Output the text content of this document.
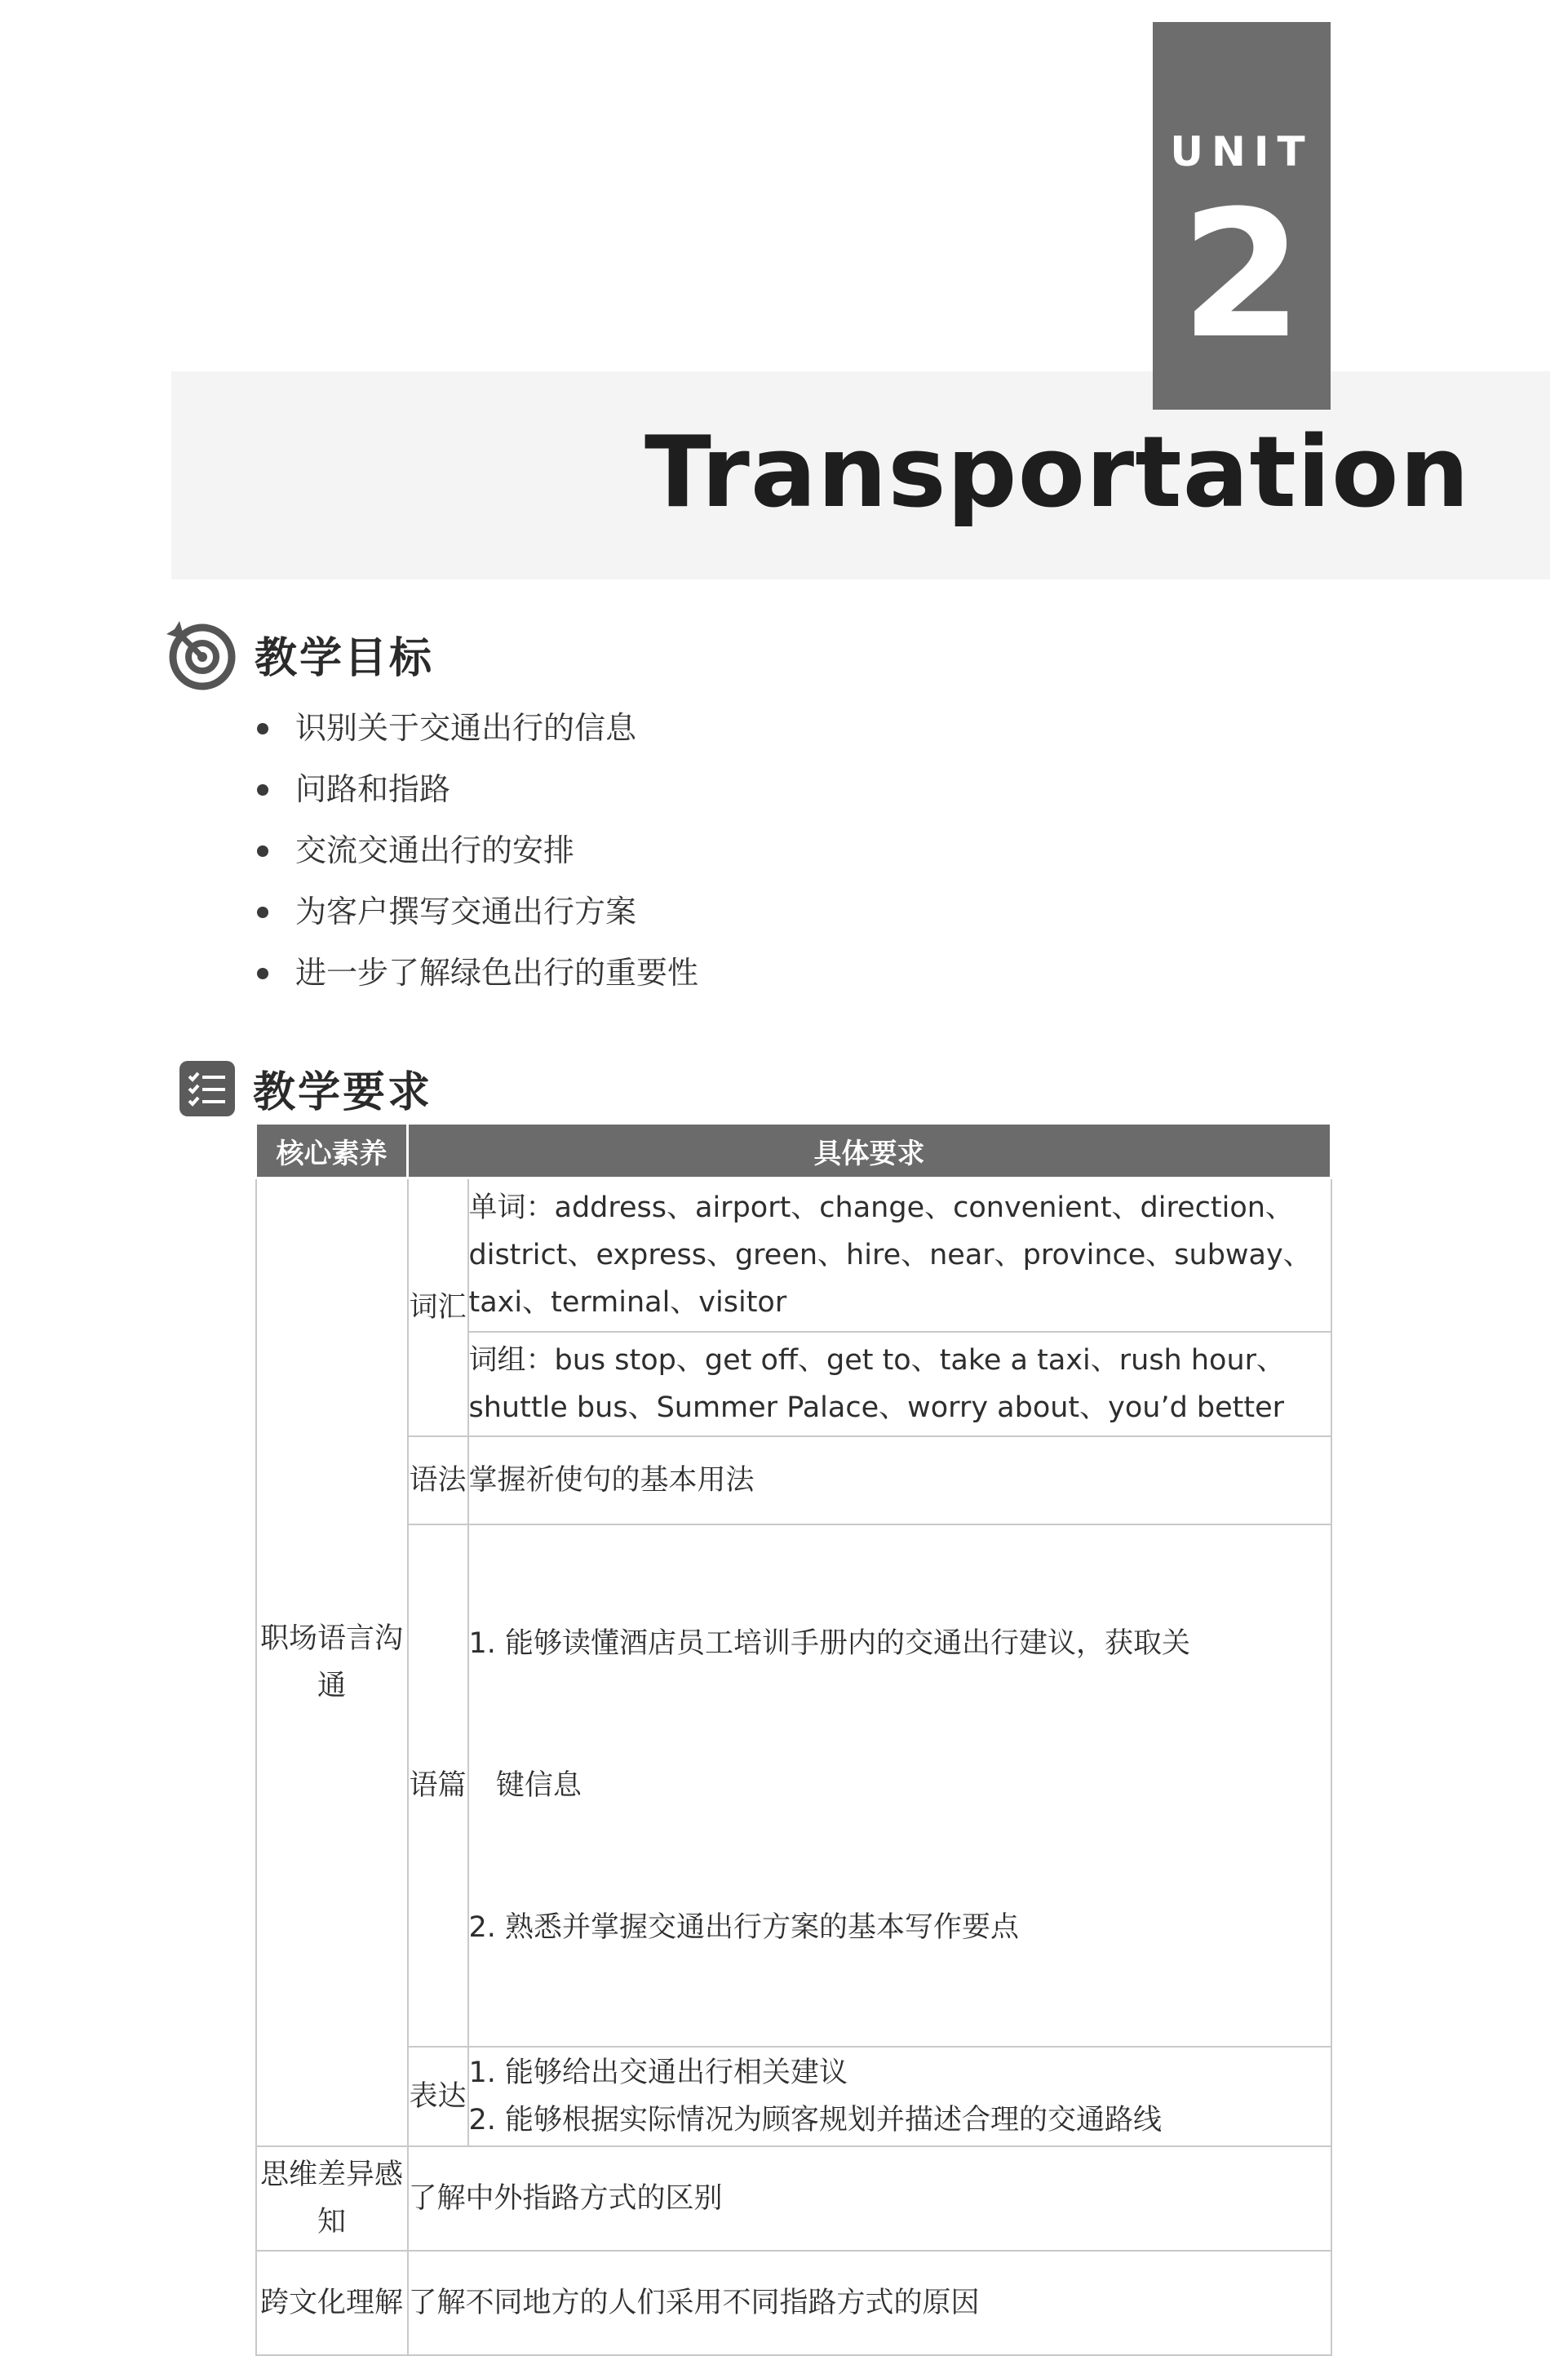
UNIT
2
Transportation
教学目标
识别关于交通出行的信息
问路和指路
交流交通出行的安排
为客户撰写交通出行方案
进一步了解绿色出行的重要性
教学要求
核心素养	具体要求	
职场语言沟通	词汇	单词：address、airport、change、convenient、direction、
district、express、green、hire、near、province、subway、
taxi、terminal、visitor

		词组：bus stop、get off、get to、take a taxi、rush hour、
shuttle bus、Summer Palace、worry about、you’d better

	语法	掌握祈使句的基本用法
	语篇	1. 能够读懂酒店员工培训手册内的交通出行建议，获取关

键信息

2. 熟悉并掌握交通出行方案的基本写作要点

	表达	1. 能够给出交通出行相关建议
2. 能够根据实际情况为顾客规划并描述合理的交通路线

思维差异感知	了解中外指路方式的区别	
跨文化理解	了解不同地方的人们采用不同指路方式的原因	
